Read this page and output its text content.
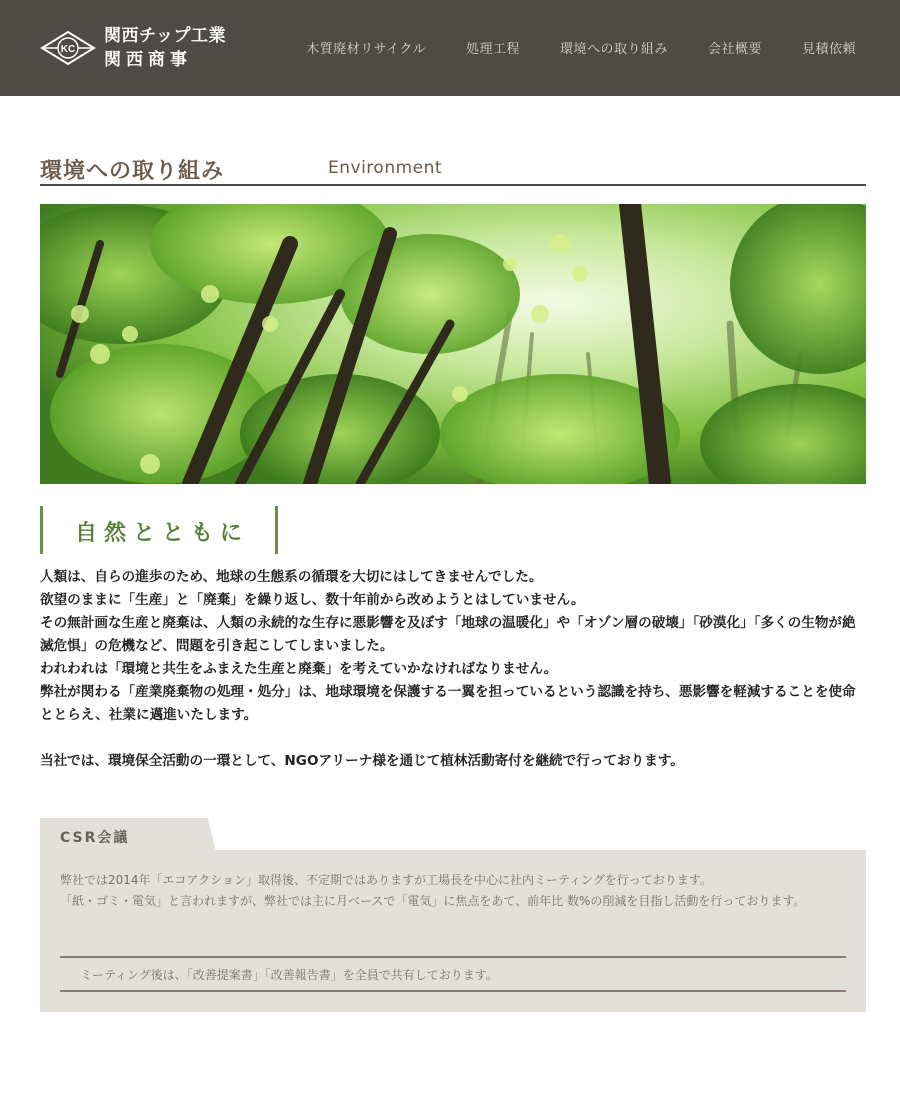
KC
関西チップ工業
関西商事
木質廃材リサイクル	処理工程	環境への取り組み	会社概要	見積依頼
環境への取り組み	Environment
自然とともに

人類は、自らの進歩のため、地球の生態系の循環を大切にはしてきませんでした。

欲望のままに「生産」と「廃棄」を繰り返し、数十年前から改めようとはしていません。

その無計画な生産と廃棄は、人類の永続的な生存に悪影響を及ぼす「地球の温暖化」や「オゾン層の破壊」「砂漠化」「多くの生物が絶滅危惧」の危機など、問題を引き起こしてしまいました。

われわれは「環境と共生をふまえた生産と廃棄」を考えていかなければなりません。

弊社が関わる「産業廃棄物の処理・処分」は、地球環境を保護する一翼を担っているという認識を持ち、悪影響を軽減することを使命ととらえ、社業に邁進いたします。

当社では、環境保全活動の一環として、NGOアリーナ様を通じて植林活動寄付を継続で行っております。

CSR会議

弊社では2014年「エコアクション」取得後、不定期ではありますが工場長を中心に社内ミーティングを行っております。

「紙・ゴミ・電気」と言われますが、弊社では主に月ベースで「電気」に焦点をあて、前年比 数%の削減を目指し活動を行っております。

ミーティング後は、「改善提案書」「改善報告書」を全員で共有しております。
